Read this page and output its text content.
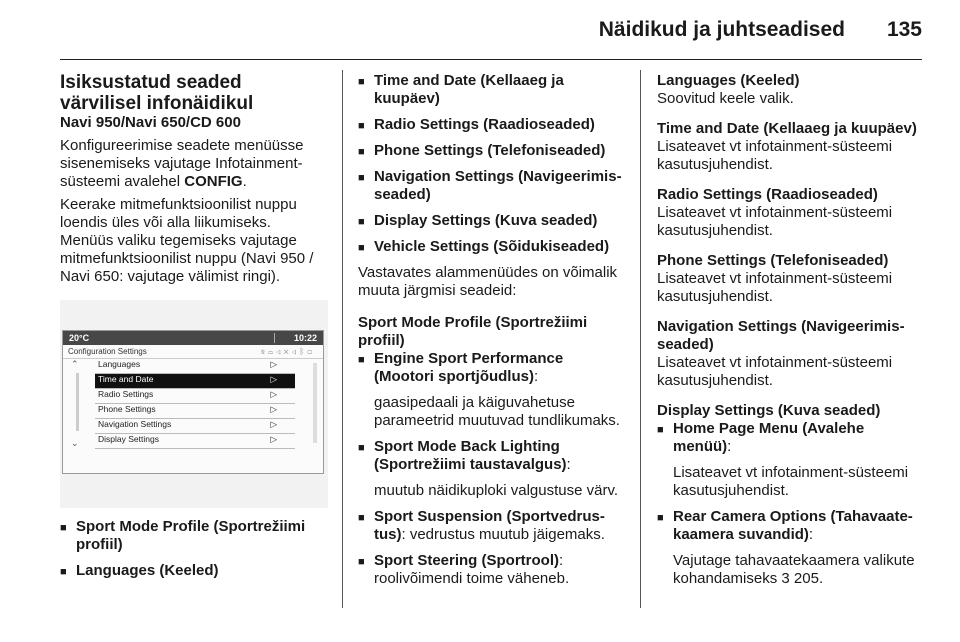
Näidikud ja juhtseadised 135
Isiksustatud seaded värvilisel infonäidikul

Navi 950/Navi 650/CD 600

Konfigureerimise seadete menüüsse sisenemiseks vajutage Infotainment-süsteemi avalehel CONFIG.

Keerake mitmefunktsioonilist nuppu loendis üles või alla liikumiseks. Menüüs valiku tegemiseks vajutage mitmefunktsioonilist nuppu (Navi 950 / Navi 650: vajutage välimist ringi).

20°C	10:22
Configuration Settings	≋▭◁✕◁ᛒ▢
⌃
⌄
Languages	▷
Time and Date	▷
Radio Settings	▷
Phone Settings	▷
Navigation Settings	▷
Display Settings	▷
■ Sport Mode Profile (Sportrežiimi profiil)
■ Languages (Keeled)
■ Time and Date (Kellaaeg ja kuupäev)
■ Radio Settings (Raadioseaded)
■ Phone Settings (Telefoniseaded)
■ Navigation Settings (Navigeerimis-seaded)
■ Display Settings (Kuva seaded)
■ Vehicle Settings (Sõidukiseaded)

Vastavates alammenüüdes on võimalik muuta järgmisi seadeid:

Sport Mode Profile (Sportrežiimi profiil)

■ Engine Sport Performance (Mootori sportjõudlus):
gaasipedaali ja käiguvahetuse parameetrid muutuvad tundlikumaks.
■ Sport Mode Back Lighting (Sportrežiimi taustavalgus):
muutub näidikuploki valgustuse värv.
■ Sport Suspension (Sportvedrus-tus): vedrustus muutub jäigemaks.
■ Sport Steering (Sportrool):
roolivõimendi toime väheneb.

Languages (Keeled)

Soovitud keele valik.

Time and Date (Kellaaeg ja kuupäev)

Lisateavet vt infotainment-süsteemi kasutusjuhendist.

Radio Settings (Raadioseaded)

Lisateavet vt infotainment-süsteemi kasutusjuhendist.

Phone Settings (Telefoniseaded)

Lisateavet vt infotainment-süsteemi kasutusjuhendist.

Navigation Settings (Navigeerimis-seaded)

Lisateavet vt infotainment-süsteemi kasutusjuhendist.

Display Settings (Kuva seaded)

■ Home Page Menu (Avalehe menüü):
Lisateavet vt infotainment-süsteemi kasutusjuhendist.
■ Rear Camera Options (Tahavaate-kaamera suvandid):
Vajutage tahavaatekaamera valikute kohandamiseks 3 205.
